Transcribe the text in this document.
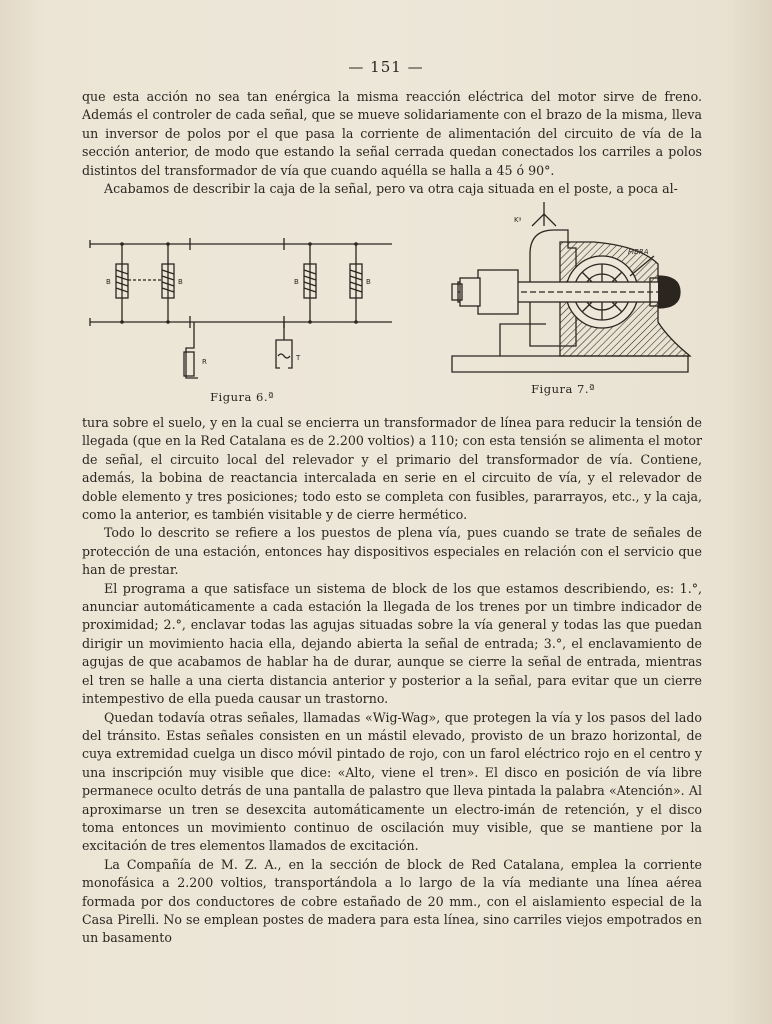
— 151 —

que esta acción no sea tan enérgica la misma reacción eléctrica del motor sirve de freno. Además el controler de cada señal, que se mueve solidariamente con el brazo de la misma, lleva un inversor de polos por el que pasa la corriente de alimentación del circuito de vía de la sección anterior, de modo que estando la señal cerrada quedan conectados los carriles a polos distintos del transformador de vía que cuando aquélla se halla a 45 ó 90°.

Acabamos de describir la caja de la señal, pero va otra caja situada en el poste, a poca al-

B	B	B	B
R	T
Figura 6.ª
FIBRA
Kᵍ
Figura 7.ª

tura sobre el suelo, y en la cual se encierra un transformador de línea para reducir la tensión de llegada (que en la Red Catalana es de 2.200 voltios) a 110; con esta tensión se alimenta el motor de señal, el circuito local del relevador y el primario del transformador de vía. Contiene, además, la bobina de reactancia intercalada en serie en el circuito de vía, y el relevador de doble elemento y tres posiciones; todo esto se completa con fusibles, pararrayos, etc., y la caja, como la anterior, es también visitable y de cierre hermético.

Todo lo descrito se refiere a los puestos de plena vía, pues cuando se trate de señales de protección de una estación, entonces hay dispositivos especiales en relación con el servicio que han de prestar.

El programa a que satisface un sistema de block de los que estamos describiendo, es: 1.°, anunciar automáticamente a cada estación la llegada de los trenes por un timbre indicador de proximidad; 2.°, enclavar todas las agujas situadas sobre la vía general y todas las que puedan dirigir un movimiento hacia ella, dejando abierta la señal de entrada; 3.°, el enclavamiento de agujas de que acabamos de hablar ha de durar, aunque se cierre la señal de entrada, mientras el tren se halle a una cierta distancia anterior y posterior a la señal, para evitar que un cierre intempestivo de ella pueda causar un trastorno.

Quedan todavía otras señales, llamadas «Wig-Wag», que protegen la vía y los pasos del lado del tránsito. Estas señales consisten en un mástil elevado, provisto de un brazo horizontal, de cuya extremidad cuelga un disco móvil pintado de rojo, con un farol eléctrico rojo en el centro y una inscripción muy visible que dice: «Alto, viene el tren». El disco en posición de vía libre permanece oculto detrás de una pantalla de palastro que lleva pintada la palabra «Atención». Al aproximarse un tren se desexcita automáticamente un electro-imán de retención, y el disco toma entonces un movimiento continuo de oscilación muy visible, que se mantiene por la excitación de tres elementos llamados de excitación.

La Compañía de M. Z. A., en la sección de block de Red Catalana, emplea la corriente monofásica a 2.200 voltios, transportándola a lo largo de la vía mediante una línea aérea formada por dos conductores de cobre estañado de 20 mm., con el aislamiento especial de la Casa Pirelli. No se emplean postes de madera para esta línea, sino carriles viejos empotrados en un basamento
